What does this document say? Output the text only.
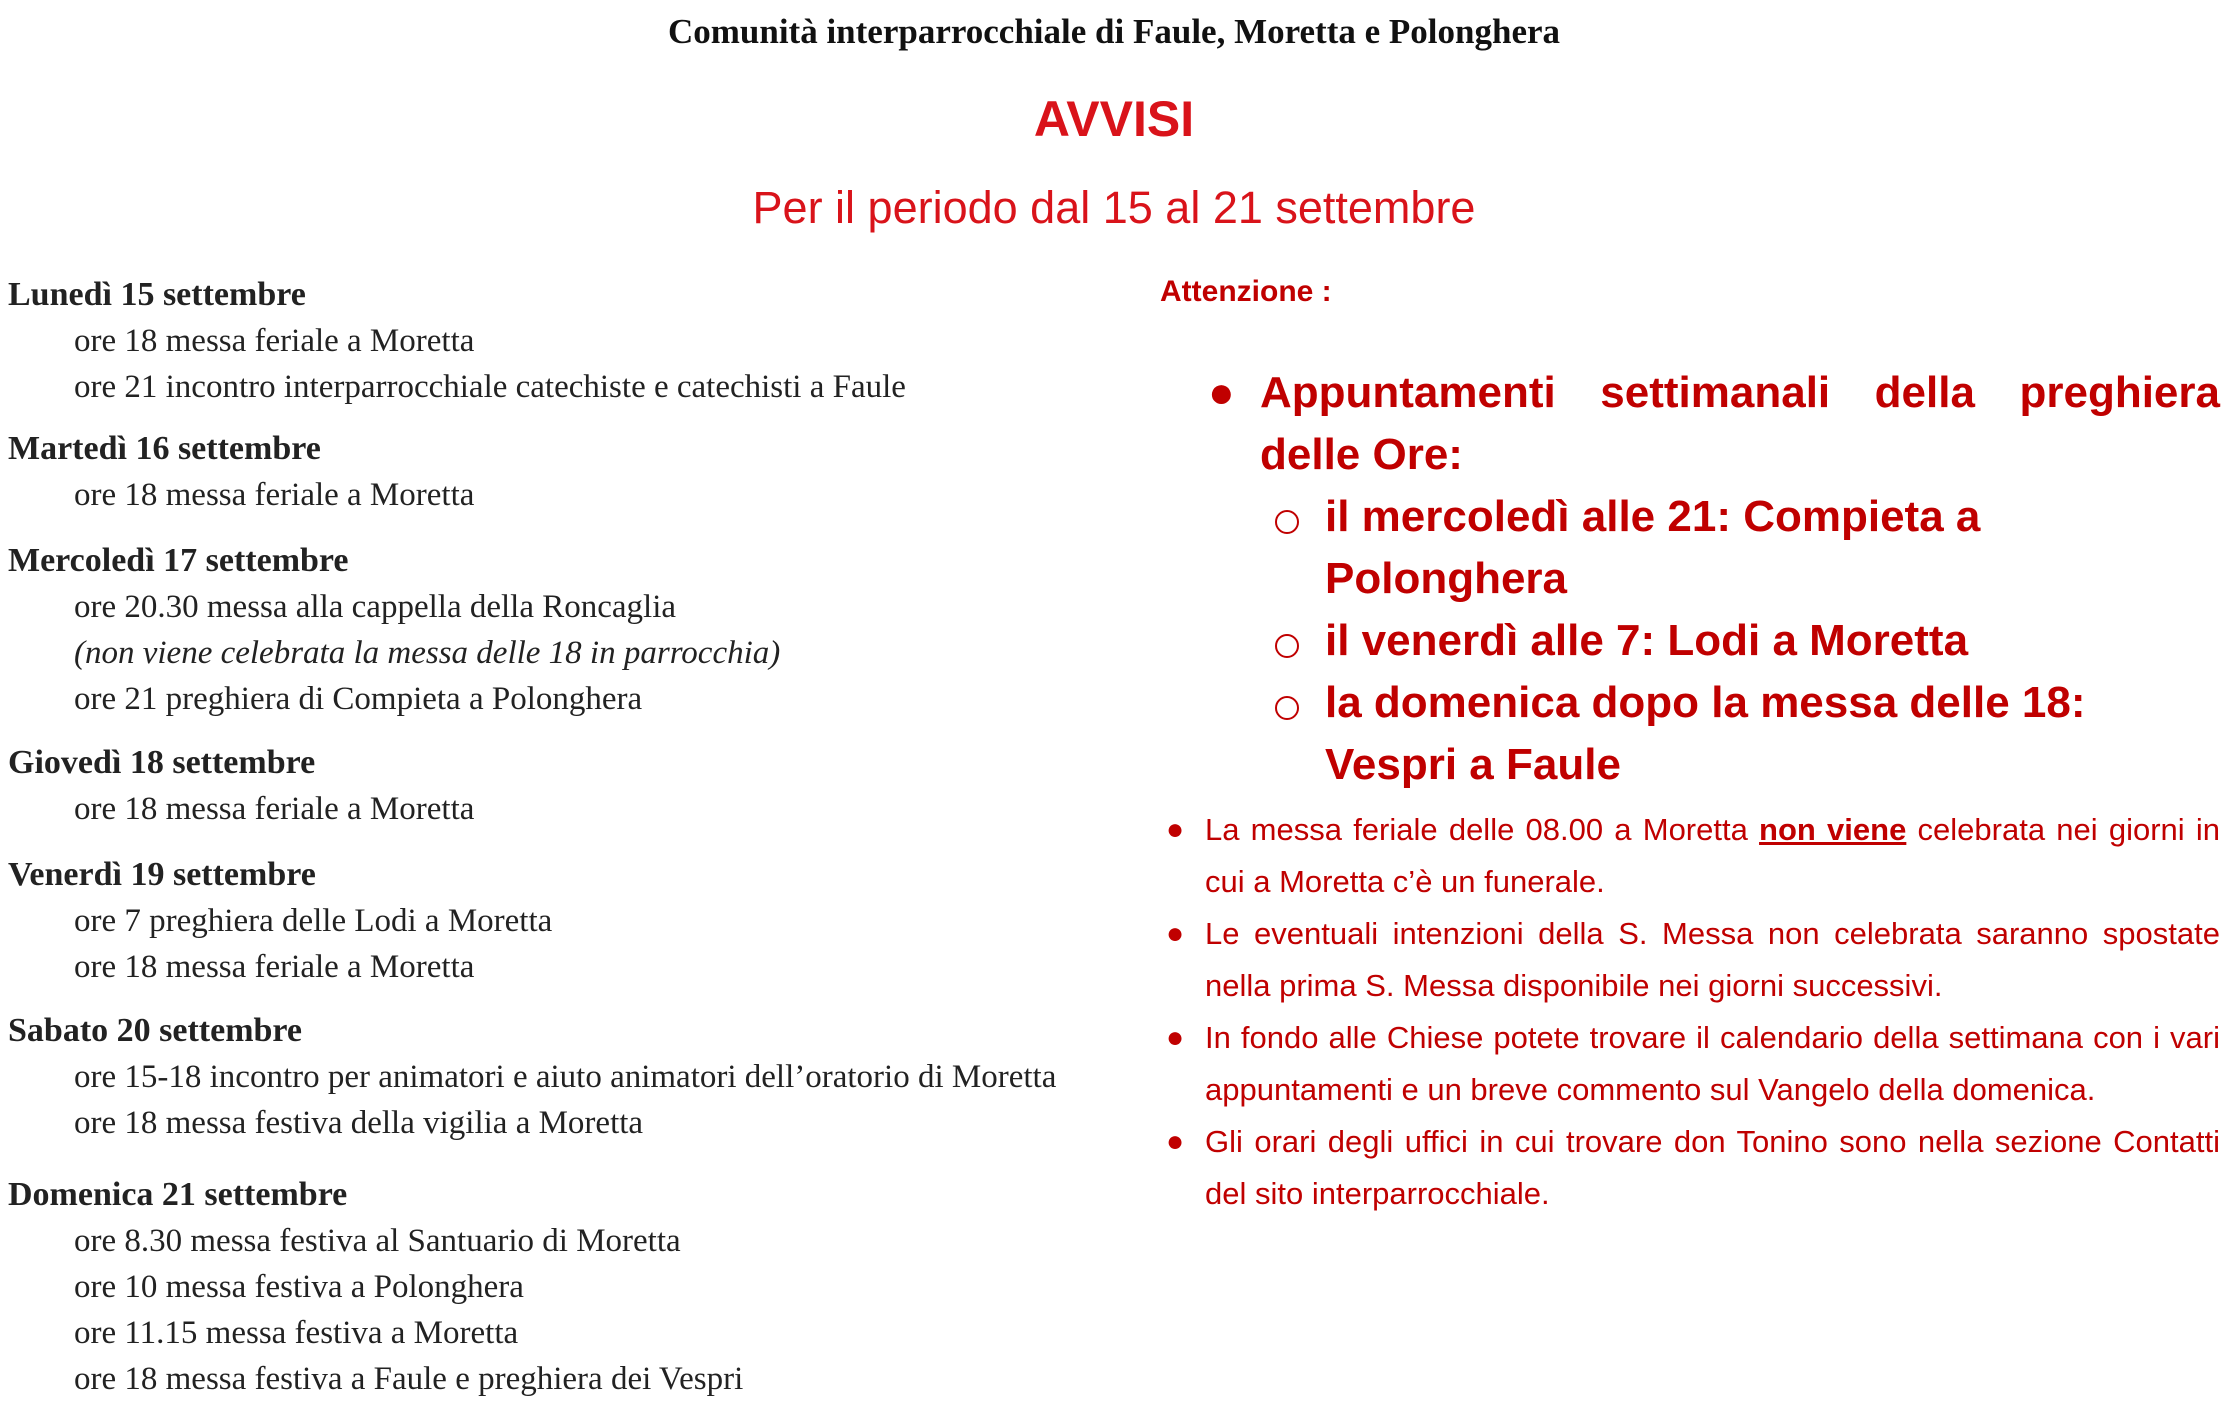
Comunità interparrocchiale di Faule, Moretta e Polonghera
AVVISI
Per il periodo dal 15 al 21 settembre
Lunedì 15 settembre
ore 18 messa feriale a Moretta
ore 21 incontro interparrocchiale catechiste e catechisti a Faule
Martedì 16 settembre
ore 18 messa feriale a Moretta
Mercoledì 17 settembre
ore 20.30 messa alla cappella della Roncaglia
(non viene celebrata la messa delle 18 in parrocchia)
ore 21 preghiera di Compieta a Polonghera
Giovedì 18 settembre
ore 18 messa feriale a Moretta
Venerdì 19 settembre
ore 7 preghiera delle Lodi a Moretta
ore 18 messa feriale a Moretta
Sabato 20 settembre
ore 15-18 incontro per animatori e aiuto animatori dell’oratorio di Moretta
ore 18 messa festiva della vigilia a Moretta
Domenica 21 settembre
ore 8.30 messa festiva al Santuario di Moretta
ore 10 messa festiva a Polonghera
ore 11.15 messa festiva a Moretta
ore 18 messa festiva a Faule e preghiera dei Vespri
Attenzione :
● Appuntamenti settimanali della preghiera delle Ore:
il mercoledì alle 21: Compieta a Polonghera
il venerdì alle 7: Lodi a Moretta
la domenica dopo la messa delle 18: Vespri a Faule
● La messa feriale delle 08.00 a Moretta non viene celebrata nei giorni in cui a Moretta c’è un funerale.
● Le eventuali intenzioni della S. Messa non celebrata saranno spostate nella prima S. Messa disponibile nei giorni successivi.
● In fondo alle Chiese potete trovare il calendario della settimana con i vari appuntamenti e un breve commento sul Vangelo della domenica.
● Gli orari degli uffici in cui trovare don Tonino sono nella sezione Contatti del sito interparrocchiale.
